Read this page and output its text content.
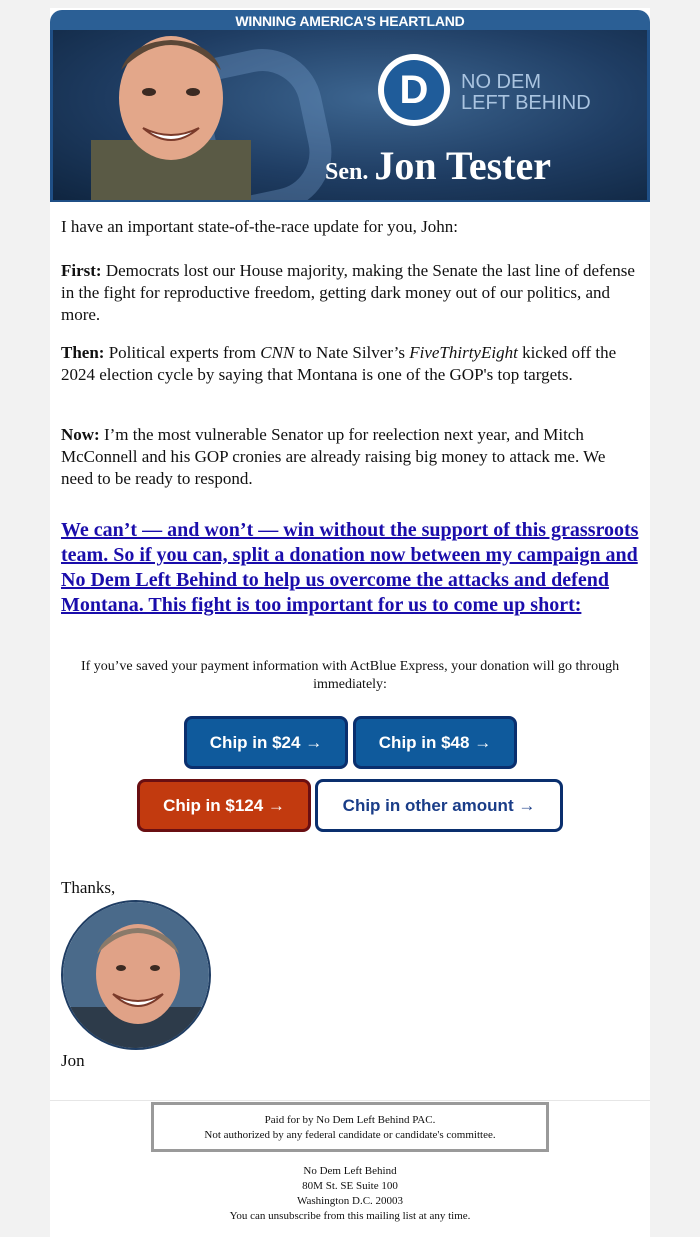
WINNING AMERICA'S HEARTLAND
D	NO DEM
LEFT BEHIND
Sen. Jon Tester

I have an important state-of-the-race update for you, John:

First: Democrats lost our House majority, making the Senate the last line of defense in the fight for reproductive freedom, getting dark money out of our politics, and more.

Then: Political experts from CNN to Nate Silver’s FiveThirtyEight kicked off the 2024 election cycle by saying that Montana is one of the GOP's top targets.

Now: I’m the most vulnerable Senator up for reelection next year, and Mitch McConnell and his GOP cronies are already raising big money to attack me. We need to be ready to respond.

We can’t — and won’t — win without the support of this grassroots team. So if you can, split a donation now between my campaign and No Dem Left Behind to help us overcome the attacks and defend Montana. This fight is too important for us to come up short:
If you’ve saved your payment information with ActBlue Express, your donation will go through immediately:
Chip in $24 →	Chip in $48 →
Chip in $124 →	Chip in other amount →
Thanks,
Jon
Paid for by No Dem Left Behind PAC.
Not authorized by any federal candidate or candidate's committee.
No Dem Left Behind
80M St. SE Suite 100
Washington D.C. 20003
You can unsubscribe from this mailing list at any time.
